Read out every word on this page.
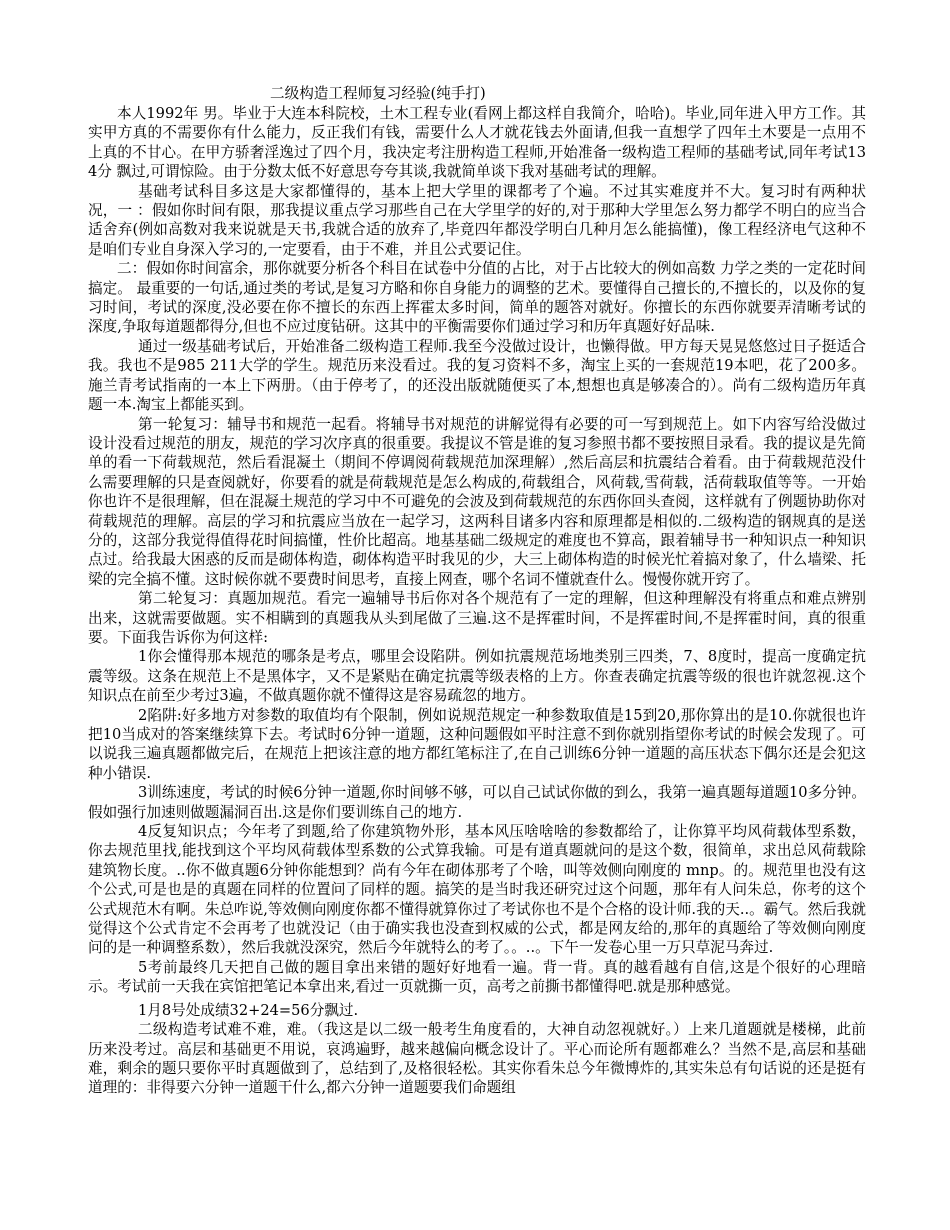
二级构造工程师复习经验(纯手打)

本人1992年 男。毕业于大连本科院校，土木工程专业(看网上都这样自我简介，哈哈)。毕业,同年进入甲方工作。其实甲方真的不需要你有什么能力，反正我们有钱，需要什么人才就花钱去外面请,但我一直想学了四年土木要是一点用不上真的不甘心。在甲方骄奢淫逸过了四个月，我决定考注册构造工程师,开始准备一级构造工程师的基础考试,同年考试134分 飘过,可谓惊险。由于分数太低不好意思夸夸其谈,我就简单谈下我对基础考试的理解。

基础考试科目多这是大家都懂得的，基本上把大学里的课都考了个遍。不过其实难度并不大。复习时有两种状况，一 ：假如你时间有限，那我提议重点学习那些自己在大学里学的好的,对于那种大学里怎么努力都学不明白的应当合适舍弃(例如高数对我来说就是天书,我就合适的放弃了,毕竟四年都没学明白几种月怎么能搞懂)，像工程经济电气这种不是咱们专业自身深入学习的,一定要看，由于不难，并且公式要记住。

二：假如你时间富余，那你就要分析各个科目在试卷中分值的占比，对于占比较大的例如高数 力学之类的一定花时间搞定。 最重要的一句话,通过类的考试,是复习方略和你自身能力的调整的艺术。要懂得自己擅长的,不擅长的，以及你的复习时间，考试的深度,没必要在你不擅长的东西上挥霍太多时间，简单的题答对就好。你擅长的东西你就要弄清晰考试的深度,争取每道题都得分,但也不应过度钻研。这其中的平衡需要你们通过学习和历年真题好好品味.

通过一级基础考试后，开始准备二级构造工程师.我至今没做过设计，也懒得做。甲方每天晃晃悠悠过日子挺适合我。我也不是985 211大学的学生。规范历来没看过。我的复习资料不多，淘宝上买的一套规范19本吧，花了200多。施兰青考试指南的一本上下两册。（由于停考了，的还没出版就随便买了本,想想也真是够凑合的）。尚有二级构造历年真题一本.淘宝上都能买到。

第一轮复习：辅导书和规范一起看。将辅导书对规范的讲解觉得有必要的可一写到规范上。如下内容写给没做过设计没看过规范的朋友，规范的学习次序真的很重要。我提议不管是谁的复习参照书都不要按照目录看。我的提议是先简单的看一下荷载规范，然后看混凝土（期间不停调阅荷载规范加深理解）,然后高层和抗震结合着看。由于荷载规范没什么需要理解的只是查阅就好，你要看的就是荷载规范是怎么构成的,荷载组合，风荷载,雪荷载，活荷载取值等等。一开始你也许不是很理解，但在混凝土规范的学习中不可避免的会波及到荷载规范的东西你回头查阅，这样就有了例题协助你对荷载规范的理解。高层的学习和抗震应当放在一起学习，这两科目诸多内容和原理都是相似的.二级构造的钢规真的是送分的，这部分我觉得值得花时间搞懂，性价比超高。地基基础二级规定的难度也不算高，跟着辅导书一种知识点一种知识点过。给我最大困惑的反而是砌体构造，砌体构造平时我见的少，大三上砌体构造的时候光忙着搞对象了，什么墙梁、托梁的完全搞不懂。这时候你就不要费时间思考，直接上网查，哪个名词不懂就查什么。慢慢你就开窍了。

第二轮复习：真题加规范。看完一遍辅导书后你对各个规范有了一定的理解，但这种理解没有将重点和难点辨别出来，这就需要做题。实不相瞒到的真题我从头到尾做了三遍.这不是挥霍时间，不是挥霍时间,不是挥霍时间，真的很重要。下面我告诉你为何这样:

1你会懂得那本规范的哪条是考点，哪里会设陷阱。例如抗震规范场地类别三四类，7、8度时，提高一度确定抗震等级。这条在规范上不是黑体字，又不是紧贴在确定抗震等级表格的上方。你查表确定抗震等级的很也许就忽视.这个知识点在前至少考过3遍，不做真题你就不懂得这是容易疏忽的地方。

2陷阱:好多地方对参数的取值均有个限制，例如说规范规定一种参数取值是15到20,那你算出的是10.你就很也许把10当成对的答案继续算下去。考试时6分钟一道题，这种问题假如平时注意不到你就别指望你考试的时候会发现了。可以说我三遍真题都做完后，在规范上把该注意的地方都红笔标注了,在自己训练6分钟一道题的高压状态下偶尔还是会犯这种小错误.

3训练速度，考试的时候6分钟一道题,你时间够不够，可以自己试试你做的到么，我第一遍真题每道题10多分钟。假如强行加速则做题漏洞百出.这是你们要训练自己的地方.

4反复知识点；今年考了到题,给了你建筑物外形，基本风压啥啥啥的参数都给了，让你算平均风荷载体型系数，你去规范里找,能找到这个平均风荷载体型系数的公式算我输。可是有道真题就问的是这个数，很简单，求出总风荷载除建筑物长度。..你不做真题6分钟你能想到？尚有今年在砌体那考了个啥，叫等效侧向刚度的 mnp。的。规范里也没有这个公式,可是也是的真题在同样的位置问了同样的题。搞笑的是当时我还研究过这个问题，那年有人问朱总，你考的这个公式规范木有啊。朱总咋说,等效侧向刚度你都不懂得就算你过了考试你也不是个合格的设计师.我的天..。霸气。然后我就觉得这个公式肯定不会再考了也就没记（由于确实我也没查到权威的公式，都是网友给的,那年的真题给了等效侧向刚度问的是一种调整系数），然后我就没深究，然后今年就特么的考了。。..。下午一发卷心里一万只草泥马奔过.

5考前最终几天把自己做的题目拿出来错的题好好地看一遍。背一背。真的越看越有自信,这是个很好的心理暗示。考试前一天我在宾馆把笔记本拿出来,看过一页就撕一页，高考之前撕书都懂得吧.就是那种感觉。

1月8号处成绩32+24=56分飘过.

二级构造考试难不难，难。（我这是以二级一般考生角度看的，大神自动忽视就好。）上来几道题就是楼梯，此前历来没考过。高层和基础更不用说，哀鸿遍野，越来越偏向概念设计了。平心而论所有题都难么？当然不是,高层和基础难，剩余的题只要你平时真题做到了，总结到了,及格很轻松。其实你看朱总今年微博炸的,其实朱总有句话说的还是挺有道理的：非得要六分钟一道题干什么,都六分钟一道题要我们命题组
